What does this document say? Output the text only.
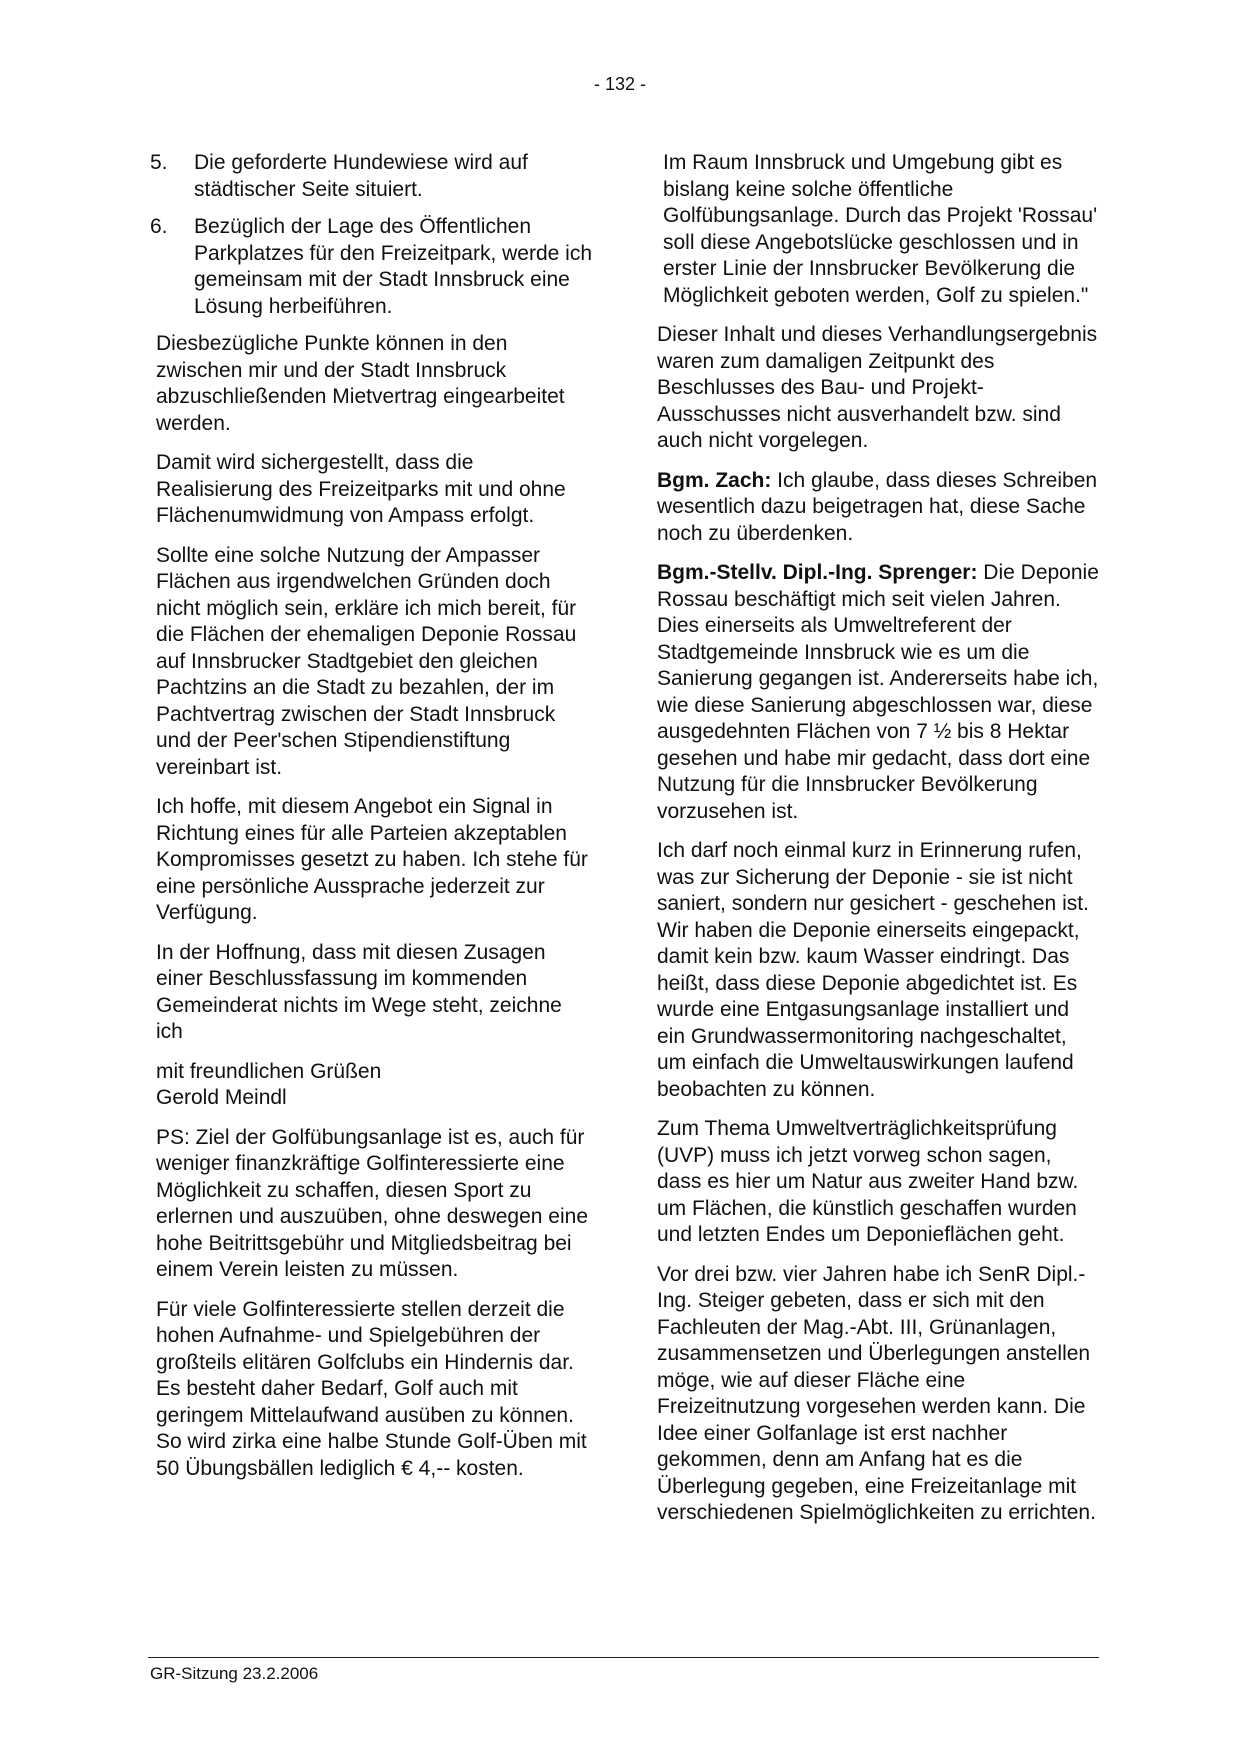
- 132 -
5.	Die geforderte Hundewiese wird auf städtischer Seite situiert.
6.	Bezüglich der Lage des Öffentlichen Parkplatzes für den Freizeitpark, werde ich gemeinsam mit der Stadt Innsbruck eine Lösung herbeiführen.

Diesbezügliche Punkte können in den zwischen mir und der Stadt Innsbruck abzuschließenden Mietvertrag eingearbeitet werden.

Damit wird sichergestellt, dass die Realisierung des Freizeitparks mit und ohne Flächenumwidmung von Ampass erfolgt.

Sollte eine solche Nutzung der Ampasser Flächen aus irgendwelchen Gründen doch nicht möglich sein, erkläre ich mich bereit, für die Flächen der ehemaligen Deponie Rossau auf Innsbrucker Stadtgebiet den gleichen Pachtzins an die Stadt zu bezahlen, der im Pachtvertrag zwischen der Stadt Innsbruck und der Peer'schen Stipendienstiftung vereinbart ist.

Ich hoffe, mit diesem Angebot ein Signal in Richtung eines für alle Parteien akzeptablen Kompromisses gesetzt zu haben. Ich stehe für eine persönliche Aussprache jederzeit zur Verfügung.

In der Hoffnung, dass mit diesen Zusagen einer Beschlussfassung im kommenden Gemeinderat nichts im Wege steht, zeichne ich

mit freundlichen Grüßen
Gerold Meindl

PS: Ziel der Golfübungsanlage ist es, auch für weniger finanzkräftige Golfinteressierte eine Möglichkeit zu schaffen, diesen Sport zu erlernen und auszuüben, ohne deswegen eine hohe Beitrittsgebühr und Mitgliedsbeitrag bei einem Verein leisten zu müssen.

Für viele Golfinteressierte stellen derzeit die hohen Aufnahme- und Spielgebühren der großteils elitären Golfclubs ein Hindernis dar. Es besteht daher Bedarf, Golf auch mit geringem Mittelaufwand ausüben zu können. So wird zirka eine halbe Stunde Golf-Üben mit 50 Übungsbällen lediglich € 4,-- kosten.

Im Raum Innsbruck und Umgebung gibt es bislang keine solche öffentliche Golfübungsanlage. Durch das Projekt 'Rossau' soll diese Angebotslücke geschlossen und in erster Linie der Innsbrucker Bevölkerung die Möglichkeit geboten werden, Golf zu spielen."

Dieser Inhalt und dieses Verhandlungsergebnis waren zum damaligen Zeitpunkt des Beschlusses des Bau- und Projekt-Ausschusses nicht ausverhandelt bzw. sind auch nicht vorgelegen.

Bgm. Zach: Ich glaube, dass dieses Schreiben wesentlich dazu beigetragen hat, diese Sache noch zu überdenken.

Bgm.-Stellv. Dipl.-Ing. Sprenger: Die Deponie Rossau beschäftigt mich seit vielen Jahren. Dies einerseits als Umweltreferent der Stadtgemeinde Innsbruck wie es um die Sanierung gegangen ist. Andererseits habe ich, wie diese Sanierung abgeschlossen war, diese ausgedehnten Flächen von 7 ½ bis 8 Hektar gesehen und habe mir gedacht, dass dort eine Nutzung für die Innsbrucker Bevölkerung vorzusehen ist.

Ich darf noch einmal kurz in Erinnerung rufen, was zur Sicherung der Deponie - sie ist nicht saniert, sondern nur gesichert - geschehen ist. Wir haben die Deponie einerseits eingepackt, damit kein bzw. kaum Wasser eindringt. Das heißt, dass diese Deponie abgedichtet ist. Es wurde eine Entgasungsanlage installiert und ein Grundwassermonitoring nachgeschaltet, um einfach die Umweltauswirkungen laufend beobachten zu können.

Zum Thema Umweltverträglichkeitsprüfung (UVP) muss ich jetzt vorweg schon sagen, dass es hier um Natur aus zweiter Hand bzw. um Flächen, die künstlich geschaffen wurden und letzten Endes um Deponieflächen geht.

Vor drei bzw. vier Jahren habe ich SenR Dipl.-Ing. Steiger gebeten, dass er sich mit den Fachleuten der Mag.-Abt. III, Grünanlagen, zusammensetzen und Überlegungen anstellen möge, wie auf dieser Fläche eine Freizeitnutzung vorgesehen werden kann. Die Idee einer Golfanlage ist erst nachher gekommen, denn am Anfang hat es die Überlegung gegeben, eine Freizeitanlage mit verschiedenen Spielmöglichkeiten zu errichten.

GR-Sitzung 23.2.2006
